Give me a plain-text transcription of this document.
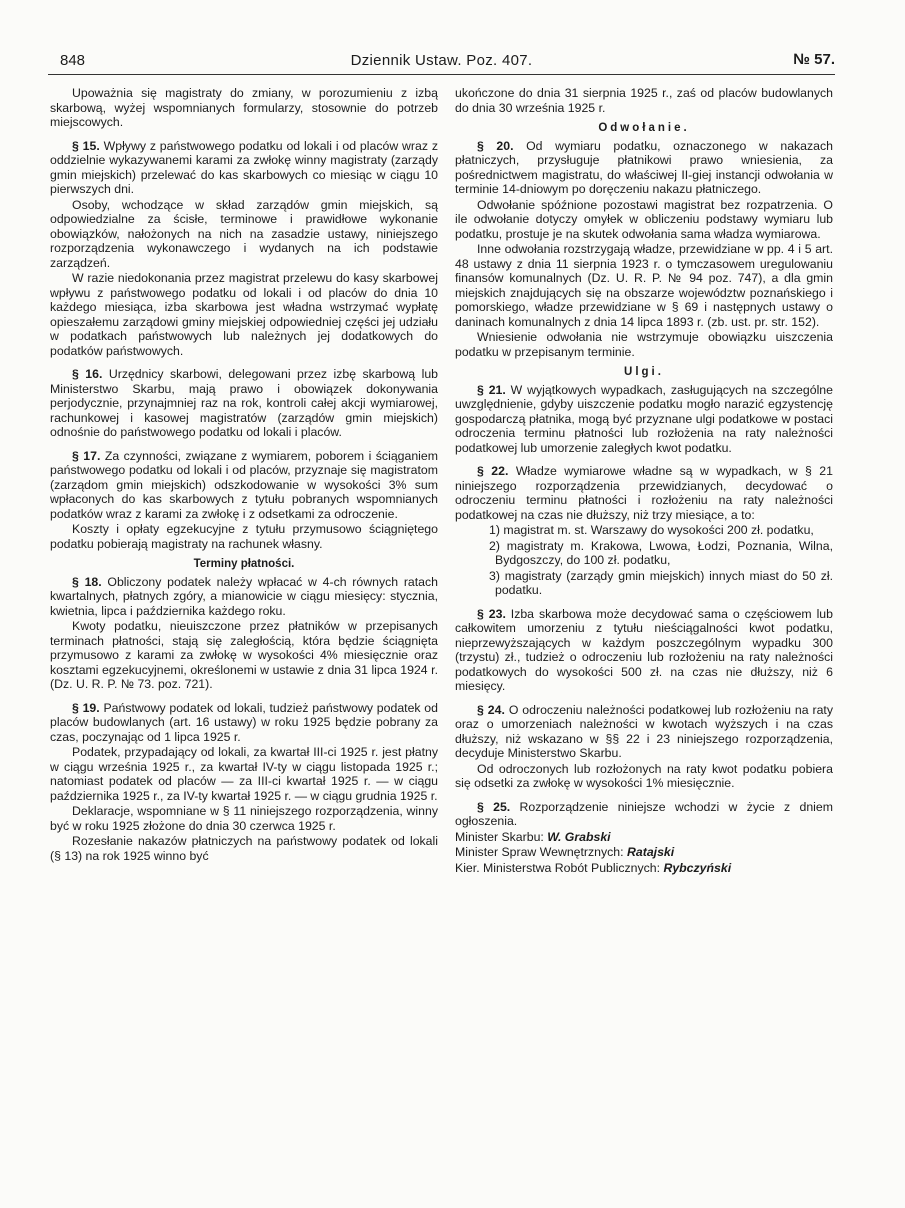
848	Dziennik Ustaw. Poz. 407.	№ 57.

Upoważnia się magistraty do zmiany, w porozumieniu z izbą skarbową, wyżej wspomnianych formularzy, stosownie do potrzeb miejscowych.

§ 15. Wpływy z państwowego podatku od lokali i od placów wraz z oddzielnie wykazywanemi karami za zwłokę winny magistraty (zarządy gmin miejskich) przelewać do kas skarbowych co miesiąc w ciągu 10 pierwszych dni.

Osoby, wchodzące w skład zarządów gmin miejskich, są odpowiedzialne za ścisłe, terminowe i prawidłowe wykonanie obowiązków, nałożonych na nich na zasadzie ustawy, niniejszego rozporządzenia wykonawczego i wydanych na ich podstawie zarządzeń.

W razie niedokonania przez magistrat przelewu do kasy skarbowej wpływu z państwowego podatku od lokali i od placów do dnia 10 każdego miesiąca, izba skarbowa jest władna wstrzymać wypłatę opieszałemu zarządowi gminy miejskiej odpowiedniej części jej udziału w podatkach państwowych lub należnych jej dodatkowych do podatków państwowych.

§ 16. Urzędnicy skarbowi, delegowani przez izbę skarbową lub Ministerstwo Skarbu, mają prawo i obowiązek dokonywania perjodycznie, przynajmniej raz na rok, kontroli całej akcji wymiarowej, rachunkowej i kasowej magistratów (zarządów gmin miejskich) odnośnie do państwowego podatku od lokali i placów.

§ 17. Za czynności, związane z wymiarem, poborem i ściąganiem państwowego podatku od lokali i od placów, przyznaje się magistratom (zarządom gmin miejskich) odszkodowanie w wysokości 3% sum wpłaconych do kas skarbowych z tytułu pobranych wspomnianych podatków wraz z karami za zwłokę i z odsetkami za odroczenie.

Koszty i opłaty egzekucyjne z tytułu przymusowo ściągniętego podatku pobierają magistraty na rachunek własny.

Terminy płatności.

§ 18. Obliczony podatek należy wpłacać w 4-ch równych ratach kwartalnych, płatnych zgóry, a mianowicie w ciągu miesięcy: stycznia, kwietnia, lipca i października każdego roku.

Kwoty podatku, nieuiszczone przez płatników w przepisanych terminach płatności, stają się zaległością, która będzie ściągnięta przymusowo z karami za zwłokę w wysokości 4% miesięcznie oraz kosztami egzekucyjnemi, określonemi w ustawie z dnia 31 lipca 1924 r. (Dz. U. R. P. № 73. poz. 721).

§ 19. Państwowy podatek od lokali, tudzież państwowy podatek od placów budowlanych (art. 16 ustawy) w roku 1925 będzie pobrany za czas, poczynając od 1 lipca 1925 r.

Podatek, przypadający od lokali, za kwartał III-ci 1925 r. jest płatny w ciągu września 1925 r., za kwartał IV-ty w ciągu listopada 1925 r.; natomiast podatek od placów — za III-ci kwartał 1925 r. — w ciągu października 1925 r., za IV-ty kwartał 1925 r. — w ciągu grudnia 1925 r.

Deklaracje, wspomniane w § 11 niniejszego rozporządzenia, winny być w roku 1925 złożone do dnia 30 czerwca 1925 r.

Rozesłanie nakazów płatniczych na państwowy podatek od lokali (§ 13) na rok 1925 winno być

ukończone do dnia 31 sierpnia 1925 r., zaś od placów budowlanych do dnia 30 września 1925 r.

Odwołanie.

§ 20. Od wymiaru podatku, oznaczonego w nakazach płatniczych, przysługuje płatnikowi prawo wniesienia, za pośrednictwem magistratu, do właściwej II-giej instancji odwołania w terminie 14-dniowym po doręczeniu nakazu płatniczego.

Odwołanie spóźnione pozostawi magistrat bez rozpatrzenia. O ile odwołanie dotyczy omyłek w obliczeniu podstawy wymiaru lub podatku, prostuje je na skutek odwołania sama władza wymiarowa.

Inne odwołania rozstrzygają władze, przewidziane w pp. 4 i 5 art. 48 ustawy z dnia 11 sierpnia 1923 r. o tymczasowem uregulowaniu finansów komunalnych (Dz. U. R. P. № 94 poz. 747), a dla gmin miejskich znajdujących się na obszarze województw poznańskiego i pomorskiego, władze przewidziane w § 69 i następnych ustawy o daninach komunalnych z dnia 14 lipca 1893 r. (zb. ust. pr. str. 152).

Wniesienie odwołania nie wstrzymuje obowiązku uiszczenia podatku w przepisanym terminie.

Ulgi.

§ 21. W wyjątkowych wypadkach, zasługujących na szczególne uwzględnienie, gdyby uiszczenie podatku mogło narazić egzystencję gospodarczą płatnika, mogą być przyznane ulgi podatkowe w postaci odroczenia terminu płatności lub rozłożenia na raty należności podatkowej lub umorzenie zaległych kwot podatku.

§ 22. Władze wymiarowe władne są w wypadkach, w § 21 niniejszego rozporządzenia przewidzianych, decydować o odroczeniu terminu płatności i rozłożeniu na raty należności podatkowej na czas nie dłuższy, niż trzy miesiące, a to:

1) magistrat m. st. Warszawy do wysokości 200 zł. podatku,

2) magistraty m. Krakowa, Lwowa, Łodzi, Poznania, Wilna, Bydgoszczy, do 100 zł. podatku,

3) magistraty (zarządy gmin miejskich) innych miast do 50 zł. podatku.

§ 23. Izba skarbowa może decydować sama o częściowem lub całkowitem umorzeniu z tytułu nieściągalności kwot podatku, nieprzewyższających w każdym poszczególnym wypadku 300 (trzystu) zł., tudzież o odroczeniu lub rozłożeniu na raty należności podatkowych do wysokości 500 zł. na czas nie dłuższy, niż 6 miesięcy.

§ 24. O odroczeniu należności podatkowej lub rozłożeniu na raty oraz o umorzeniach należności w kwotach wyższych i na czas dłuższy, niż wskazano w §§ 22 i 23 niniejszego rozporządzenia, decyduje Ministerstwo Skarbu.

Od odroczonych lub rozłożonych na raty kwot podatku pobiera się odsetki za zwłokę w wysokości 1% miesięcznie.

§ 25. Rozporządzenie niniejsze wchodzi w życie z dniem ogłoszenia.

Minister Skarbu: W. Grabski

Minister Spraw Wewnętrznych: Ratajski

Kier. Ministerstwa Robót Publicznych: Rybczyński
